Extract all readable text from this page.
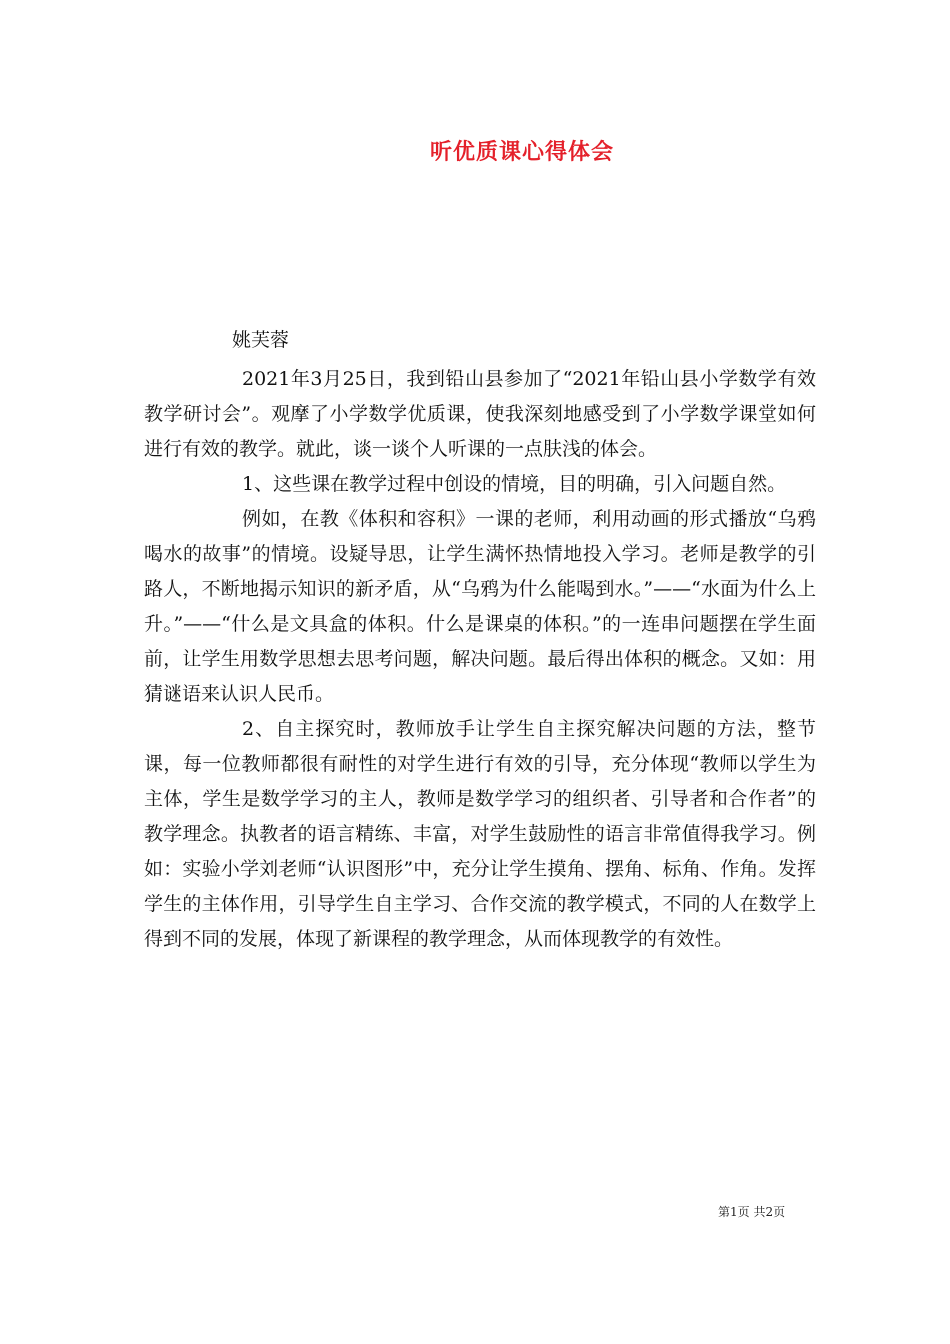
听优质课心得体会
姚芙蓉

2021年3月25日，我到铅山县参加了“2021年铅山县小学数学有效教学研讨会”。观摩了小学数学优质课，使我深刻地感受到了小学数学课堂如何进行有效的教学。就此，谈一谈个人听课的一点肤浅的体会。

1、这些课在教学过程中创设的情境，目的明确，引入问题自然。

例如，在教《体积和容积》一课的老师，利用动画的形式播放“乌鸦喝水的故事”的情境。设疑导思，让学生满怀热情地投入学习。老师是教学的引路人，不断地揭示知识的新矛盾，从“乌鸦为什么能喝到水。”——“水面为什么上升。”——“什么是文具盒的体积。什么是课桌的体积。”的一连串问题摆在学生面前，让学生用数学思想去思考问题，解决问题。最后得出体积的概念。又如：用猜谜语来认识人民币。

2、自主探究时，教师放手让学生自主探究解决问题的方法，整节课，每一位教师都很有耐性的对学生进行有效的引导，充分体现“教师以学生为主体，学生是数学学习的主人，教师是数学学习的组织者、引导者和合作者”的教学理念。执教者的语言精练、丰富，对学生鼓励性的语言非常值得我学习。例如：实验小学刘老师“认识图形”中，充分让学生摸角、摆角、标角、作角。发挥学生的主体作用，引导学生自主学习、合作交流的教学模式，不同的人在数学上得到不同的发展，体现了新课程的教学理念，从而体现教学的有效性。

第1页 共2页
